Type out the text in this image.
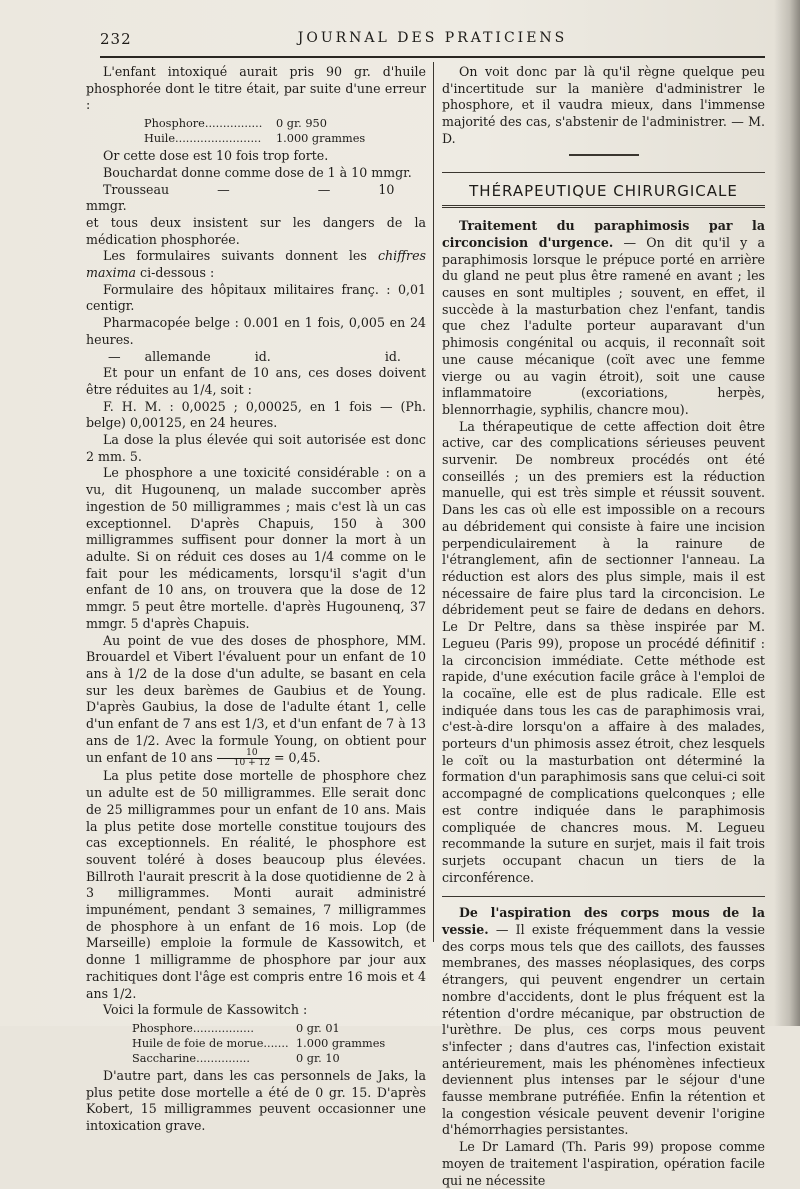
232	JOURNAL DES PRATICIENS

L'enfant intoxiqué aurait pris 90 gr. d'huile phosphorée dont le titre était, par suite d'une erreur :

Phosphore................	0 gr. 950
Huile........................	1.000 grammes

Or cette dose est 10 fois trop forte.

Bouchardat donne comme dose de 1 à 10 mmgr.

Trousseau	—	—	10 mmgr.

et tous deux insistent sur les dangers de la médication phosphorée.

Les formulaires suivants donnent les chiffres maxima ci-dessous :

Formulaire des hôpitaux militaires franç. : 0,01 centigr.

Pharmacopée belge : 0.001 en 1 fois, 0,005 en 24 heures.

— allemande	id.	id.

Et pour un enfant de 10 ans, ces doses doivent être réduites au 1/4, soit :

F. H. M. : 0,0025 ; 0,00025, en 1 fois — (Ph. belge) 0,00125, en 24 heures.

La dose la plus élevée qui soit autorisée est donc 2 mm. 5.

Le phosphore a une toxicité considérable : on a vu, dit Hugounenq, un malade succomber après ingestion de 50 milligrammes ; mais c'est là un cas exceptionnel. D'après Chapuis, 150 à 300 milligrammes suffisent pour donner la mort à un adulte. Si on réduit ces doses au 1/4 comme on le fait pour les médicaments, lorsqu'il s'agit d'un enfant de 10 ans, on trouvera que la dose de 12 mmgr. 5 peut être mortelle. d'après Hugounenq, 37 mmgr. 5 d'après Chapuis.

Au point de vue des doses de phosphore, MM. Brouardel et Vibert l'évaluent pour un enfant de 10 ans à 1/2 de la dose d'un adulte, se basant en cela sur les deux barèmes de Gaubius et de Young. D'après Gaubius, la dose de l'adulte étant 1, celle d'un enfant de 7 ans est 1/3, et d'un enfant de 7 à 13 ans de 1/2. Avec la formule Young, on obtient pour un enfant de 10 ans $\frac{10}{10 + 12} = 0,45$.

La plus petite dose mortelle de phosphore chez un adulte est de 50 milligrammes. Elle serait donc de 25 milligrammes pour un enfant de 10 ans. Mais la plus petite dose mortelle constitue toujours des cas exceptionnels. En réalité, le phosphore est souvent toléré à doses beaucoup plus élevées. Billroth l'aurait prescrit à la dose quotidienne de 2 à 3 milligrammes. Monti aurait administré impunément, pendant 3 semaines, 7 milligrammes de phosphore à un enfant de 16 mois. Lop (de Marseille) emploie la formule de Kassowitch, et donne 1 milligramme de phosphore par jour aux rachitiques dont l'âge est compris entre 16 mois et 4 ans 1/2.

Voici la formule de Kassowitch :

Phosphore.................	0 gr. 01
Huile de foie de morue....... 1.000 grammes
Saccharine...............	0 gr. 10

D'autre part, dans les cas personnels de Jaks, la plus petite dose mortelle a été de 0 gr. 15. D'après Kobert, 15 milligrammes peuvent occasionner une intoxication grave.

On voit donc par là qu'il règne quelque peu d'incertitude sur la manière d'administrer le phosphore, et il vaudra mieux, dans l'immense majorité des cas, s'abstenir de l'administrer. — M. D.

THÉRAPEUTIQUE CHIRURGICALE

Traitement du paraphimosis par la circoncision d'urgence. — On dit qu'il y a paraphimosis lorsque le prépuce porté en arrière du gland ne peut plus être ramené en avant ; les causes en sont multiples ; souvent, en effet, il succède à la masturbation chez l'enfant, tandis que chez l'adulte porteur auparavant d'un phimosis congénital ou acquis, il reconnaît soit une cause mécanique (coït avec une femme vierge ou au vagin étroit), soit une cause inflammatoire (excoriations, herpès, blennorrhagie, syphilis, chancre mou).

La thérapeutique de cette affection doit être active, car des complications sérieuses peuvent survenir. De nombreux procédés ont été conseillés ; un des premiers est la réduction manuelle, qui est très simple et réussit souvent. Dans les cas où elle est impossible on a recours au débridement qui consiste à faire une incision perpendiculairement à la rainure de l'étranglement, afin de sectionner l'anneau. La réduction est alors des plus simple, mais il est nécessaire de faire plus tard la circoncision. Le débridement peut se faire de dedans en dehors. Le Dr Peltre, dans sa thèse inspirée par M. Legueu (Paris 99), propose un procédé définitif : la circoncision immédiate. Cette méthode est rapide, d'une exécution facile grâce à l'emploi de la cocaïne, elle est de plus radicale. Elle est indiquée dans tous les cas de paraphimosis vrai, c'est-à-dire lorsqu'on a affaire à des malades, porteurs d'un phimosis assez étroit, chez lesquels le coït ou la masturbation ont déterminé la formation d'un paraphimosis sans que celui-ci soit accompagné de complications quelconques ; elle est contre indiquée dans le paraphimosis compliquée de chancres mous. M. Legueu recommande la suture en surjet, mais il fait trois surjets occupant chacun un tiers de la circonférence.

De l'aspiration des corps mous de la vessie. — Il existe fréquemment dans la vessie des corps mous tels que des caillots, des fausses membranes, des masses néoplasiques, des corps étrangers, qui peuvent engendrer un certain nombre d'accidents, dont le plus fréquent est la rétention d'ordre mécanique, par obstruction de l'urèthre. De plus, ces corps mous peuvent s'infecter ; dans d'autres cas, l'infection existait antérieurement, mais les phénomènes infectieux deviennent plus intenses par le séjour d'une fausse membrane putréfiée. Enfin la rétention et la congestion vésicale peuvent devenir l'origine d'hémorrhagies persistantes.

Le Dr Lamard (Th. Paris 99) propose comme moyen de traitement l'aspiration, opération facile qui ne nécessite
